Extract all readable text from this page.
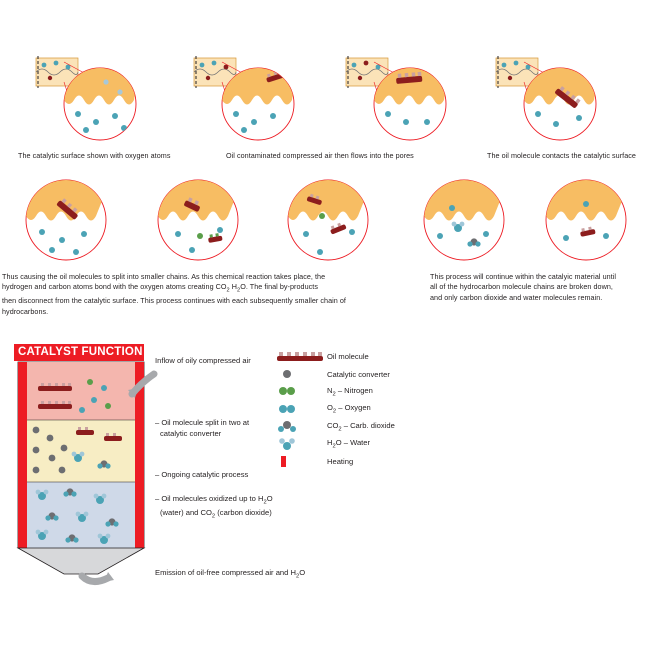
The catalytic surface shown with oxygen atoms	Oil contaminated compressed air then flows into the pores	The oil molecule contacts the catalytic surface
Thus causing the oil molecules to split into smaller chains. As this chemical reaction takes place, the
hydrogen and carbon atoms bond with the oxygen atoms creating $CO_2$ $H_2O$. The final by-products
then disconnect from the catalytic surface. This process continues with each subsequently smaller chain of
hydrocarbons.
This process will continue within the catalyic material until
all of the hydrocarbon molecule chains are broken down,
and only carbon dioxide and water molecules remain.
CATALYST FUNCTION
Inflow of oily compressed air
– Oil molecule split in two at
catalytic converter
– Ongoing catalytic process
– Oil molecules oxidized up to $H_2O$
(water) and $CO_2$ (carbon dioxide)
Emission of oil-free compressed air and $H_2O$
Oil molecule
Catalytic converter
$N_2$ – Nitrogen
$O_2$ – Oxygen
$CO_2$ – Carb. dioxide
$H_2O$ – Water
Heating
